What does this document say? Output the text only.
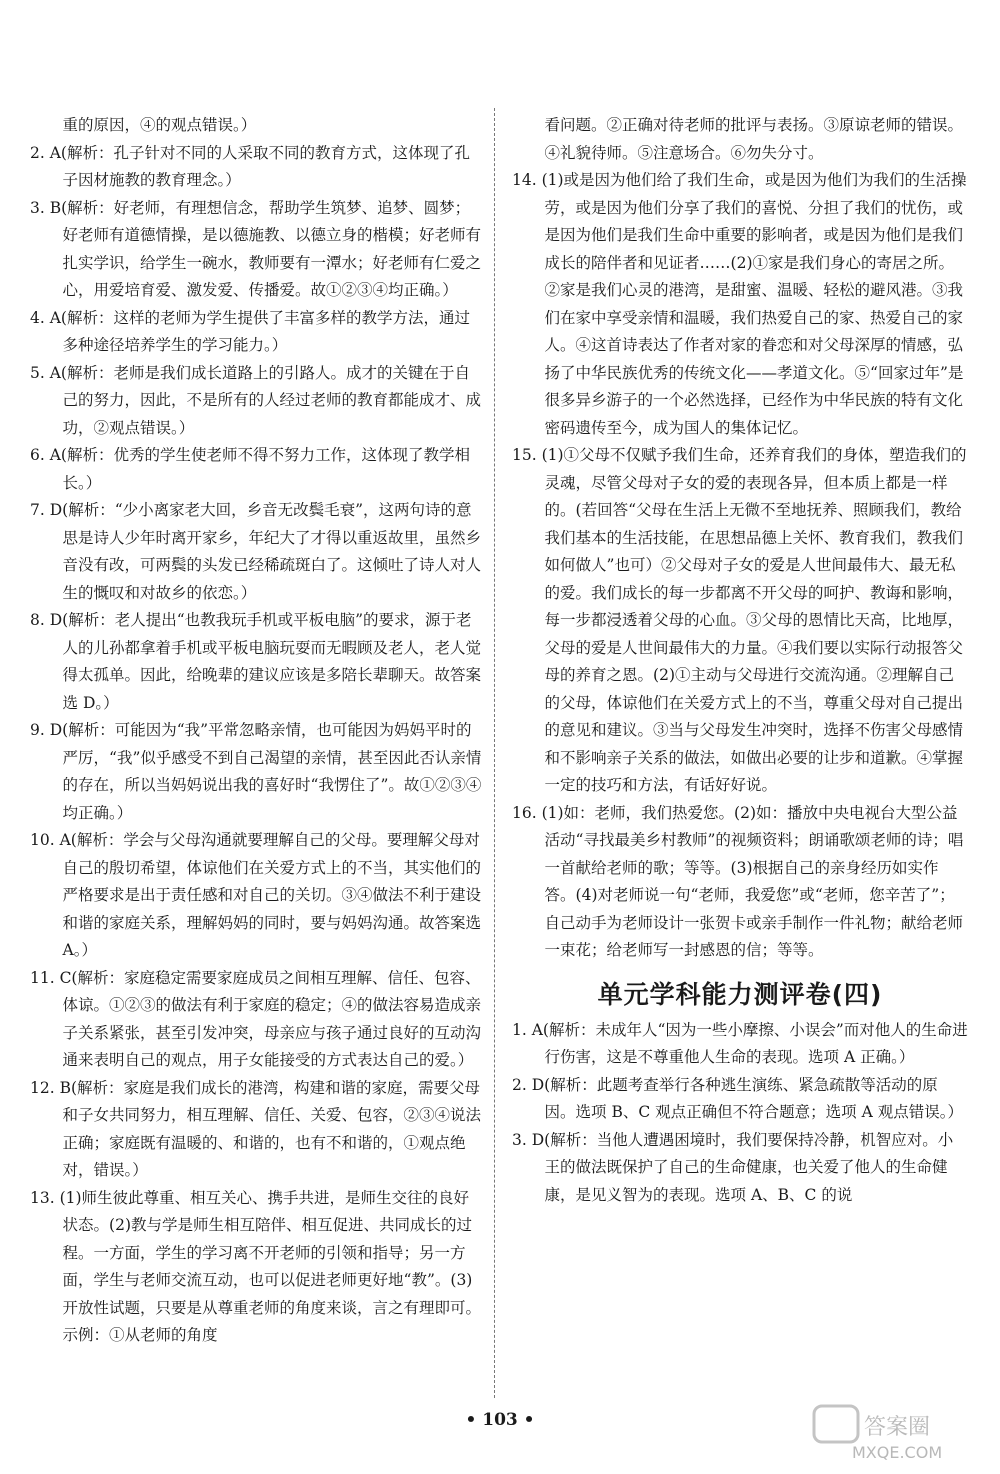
重的原因，④的观点错误。）

2. A(解析：孔子针对不同的人采取不同的教育方式，这体现了孔子因材施教的教育理念。）

3. B(解析：好老师，有理想信念，帮助学生筑梦、追梦、圆梦；好老师有道德情操，是以德施教、以德立身的楷模；好老师有扎实学识，给学生一碗水，教师要有一潭水；好老师有仁爱之心，用爱培育爱、激发爱、传播爱。故①②③④均正确。）

4. A(解析：这样的老师为学生提供了丰富多样的教学方法，通过多种途径培养学生的学习能力。）

5. A(解析：老师是我们成长道路上的引路人。成才的关键在于自己的努力，因此，不是所有的人经过老师的教育都能成才、成功，②观点错误。）

6. A(解析：优秀的学生使老师不得不努力工作，这体现了教学相长。）

7. D(解析：“少小离家老大回，乡音无改鬓毛衰”，这两句诗的意思是诗人少年时离开家乡，年纪大了才得以重返故里，虽然乡音没有改，可两鬓的头发已经稀疏斑白了。这倾吐了诗人对人生的慨叹和对故乡的依恋。）

8. D(解析：老人提出“也教我玩手机或平板电脑”的要求，源于老人的儿孙都拿着手机或平板电脑玩耍而无暇顾及老人，老人觉得太孤单。因此，给晚辈的建议应该是多陪长辈聊天。故答案选 D。）

9. D(解析：可能因为“我”平常忽略亲情，也可能因为妈妈平时的严厉，“我”似乎感受不到自己渴望的亲情，甚至因此否认亲情的存在，所以当妈妈说出我的喜好时“我愣住了”。故①②③④均正确。）

10. A(解析：学会与父母沟通就要理解自己的父母。要理解父母对自己的殷切希望，体谅他们在关爱方式上的不当，其实他们的严格要求是出于责任感和对自己的关切。③④做法不利于建设和谐的家庭关系，理解妈妈的同时，要与妈妈沟通。故答案选 A。）

11. C(解析：家庭稳定需要家庭成员之间相互理解、信任、包容、体谅。①②③的做法有利于家庭的稳定；④的做法容易造成亲子关系紧张，甚至引发冲突，母亲应与孩子通过良好的互动沟通来表明自己的观点，用子女能接受的方式表达自己的爱。）

12. B(解析：家庭是我们成长的港湾，构建和谐的家庭，需要父母和子女共同努力，相互理解、信任、关爱、包容，②③④说法正确；家庭既有温暖的、和谐的，也有不和谐的，①观点绝对，错误。）

13. (1)师生彼此尊重、相互关心、携手共进，是师生交往的良好状态。(2)教与学是师生相互陪伴、相互促进、共同成长的过程。一方面，学生的学习离不开老师的引领和指导；另一方面，学生与老师交流互动，也可以促进老师更好地“教”。(3)开放性试题，只要是从尊重老师的角度来谈，言之有理即可。示例：①从老师的角度

看问题。②正确对待老师的批评与表扬。③原谅老师的错误。④礼貌待师。⑤注意场合。⑥勿失分寸。

14. (1)或是因为他们给了我们生命，或是因为他们为我们的生活操劳，或是因为他们分享了我们的喜悦、分担了我们的忧伤，或是因为他们是我们生命中重要的影响者，或是因为他们是我们成长的陪伴者和见证者……(2)①家是我们身心的寄居之所。②家是我们心灵的港湾，是甜蜜、温暖、轻松的避风港。③我们在家中享受亲情和温暖，我们热爱自己的家、热爱自己的家人。④这首诗表达了作者对家的眷恋和对父母深厚的情感，弘扬了中华民族优秀的传统文化——孝道文化。⑤“回家过年”是很多异乡游子的一个必然选择，已经作为中华民族的特有文化密码遗传至今，成为国人的集体记忆。

15. (1)①父母不仅赋予我们生命，还养育我们的身体，塑造我们的灵魂，尽管父母对子女的爱的表现各异，但本质上都是一样的。(若回答“父母在生活上无微不至地抚养、照顾我们，教给我们基本的生活技能，在思想品德上关怀、教育我们，教我们如何做人”也可）②父母对子女的爱是人世间最伟大、最无私的爱。我们成长的每一步都离不开父母的呵护、教诲和影响，每一步都浸透着父母的心血。③父母的恩情比天高，比地厚，父母的爱是人世间最伟大的力量。④我们要以实际行动报答父母的养育之恩。(2)①主动与父母进行交流沟通。②理解自己的父母，体谅他们在关爱方式上的不当，尊重父母对自己提出的意见和建议。③当与父母发生冲突时，选择不伤害父母感情和不影响亲子关系的做法，如做出必要的让步和道歉。④掌握一定的技巧和方法，有话好好说。

16. (1)如：老师，我们热爱您。(2)如：播放中央电视台大型公益活动“寻找最美乡村教师”的视频资料；朗诵歌颂老师的诗；唱一首献给老师的歌；等等。(3)根据自己的亲身经历如实作答。(4)对老师说一句“老师，我爱您”或“老师，您辛苦了”；自己动手为老师设计一张贺卡或亲手制作一件礼物；献给老师一束花；给老师写一封感恩的信；等等。

单元学科能力测评卷(四)

1. A(解析：未成年人“因为一些小摩擦、小误会”而对他人的生命进行伤害，这是不尊重他人生命的表现。选项 A 正确。）

2. D(解析：此题考查举行各种逃生演练、紧急疏散等活动的原因。选项 B、C 观点正确但不符合题意；选项 A 观点错误。）

3. D(解析：当他人遭遇困境时，我们要保持冷静，机智应对。小王的做法既保护了自己的生命健康，也关爱了他人的生命健康，是见义智为的表现。选项 A、B、C 的说

• 103 •	答案圈
MXQE.COM
